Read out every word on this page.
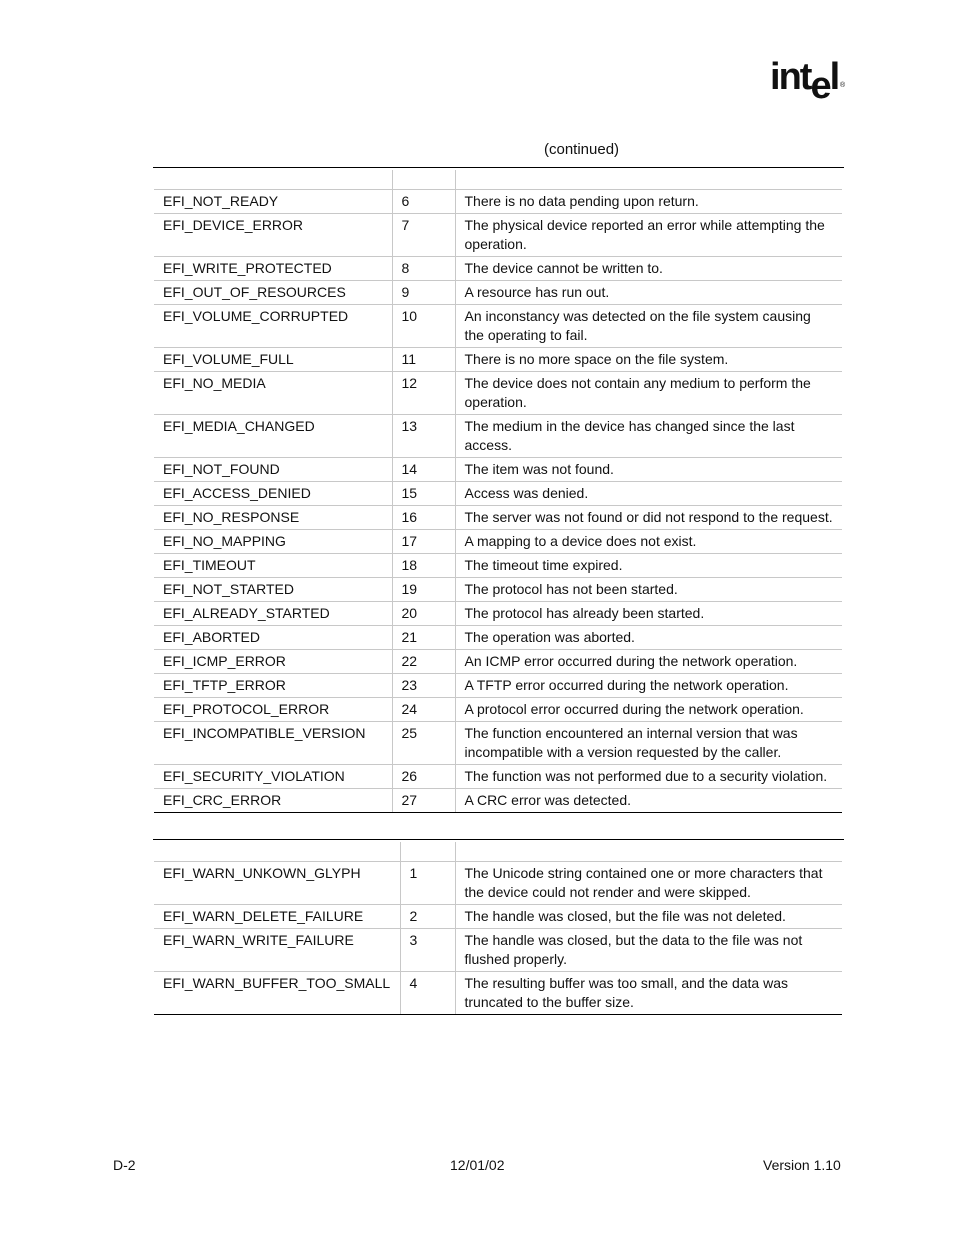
intel ®
(continued)

EFI_NOT_READY	6	There is no data pending upon return.
EFI_DEVICE_ERROR	7	The physical device reported an error while attempting the operation.
EFI_WRITE_PROTECTED	8	The device cannot be written to.
EFI_OUT_OF_RESOURCES	9	A resource has run out.
EFI_VOLUME_CORRUPTED	10	An inconstancy was detected on the file system causing the operating to fail.
EFI_VOLUME_FULL	11	There is no more space on the file system.
EFI_NO_MEDIA	12	The device does not contain any medium to perform the operation.
EFI_MEDIA_CHANGED	13	The medium in the device has changed since the last access.
EFI_NOT_FOUND	14	The item was not found.
EFI_ACCESS_DENIED	15	Access was denied.
EFI_NO_RESPONSE	16	The server was not found or did not respond to the request.
EFI_NO_MAPPING	17	A mapping to a device does not exist.
EFI_TIMEOUT	18	The timeout time expired.
EFI_NOT_STARTED	19	The protocol has not been started.
EFI_ALREADY_STARTED	20	The protocol has already been started.
EFI_ABORTED	21	The operation was aborted.
EFI_ICMP_ERROR	22	An ICMP error occurred during the network operation.
EFI_TFTP_ERROR	23	A TFTP error occurred during the network operation.
EFI_PROTOCOL_ERROR	24	A protocol error occurred during the network operation.
EFI_INCOMPATIBLE_VERSION	25	The function encountered an internal version that was incompatible with a version requested by the caller.
EFI_SECURITY_VIOLATION	26	The function was not performed due to a security violation.
EFI_CRC_ERROR	27	A CRC error was detected.

EFI_WARN_UNKOWN_GLYPH	1	The Unicode string contained one or more characters that the device could not render and were skipped.
EFI_WARN_DELETE_FAILURE	2	The handle was closed, but the file was not deleted.
EFI_WARN_WRITE_FAILURE	3	The handle was closed, but the data to the file was not flushed properly.
EFI_WARN_BUFFER_TOO_SMALL	4	The resulting buffer was too small, and the data was truncated to the buffer size.
D-2	12/01/02	Version 1.10
